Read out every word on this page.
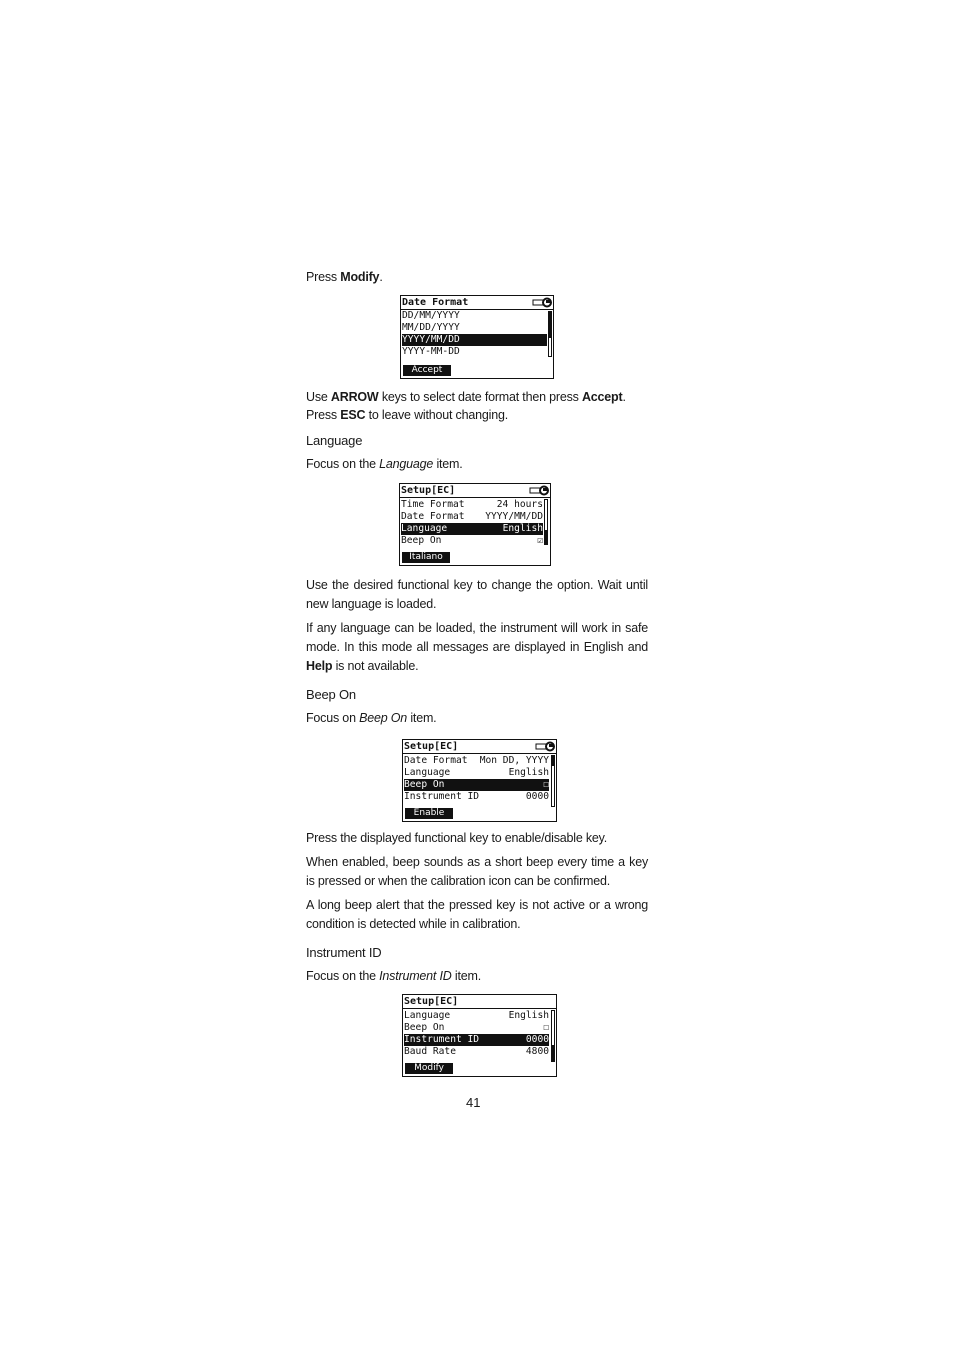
Press Modify.
Date Format
DD/MM/YYYY
MM/DD/YYYY
YYYY/MM/DD
YYYY-MM-DD
Accept
Use ARROW keys to select date format then press Accept.
Press ESC to leave without changing.
Language
Focus on the Language item.
Setup[EC]
Time Format	24 hours
Date Format YYYY/MM/DD
Language	English
Beep On	☑
Italiano
Use the desired functional key to change the option. Wait until new language is loaded.
If any language can be loaded, the instrument will work in safe mode. In this mode all messages are displayed in English and Help is not available.
Beep On
Focus on Beep On item.
Setup[EC]
Date Format Mon DD, YYYY
Language	English
Beep On	☐
Instrument ID	0000
Enable
Press the displayed functional key to enable/disable key.
When enabled, beep sounds as a short beep every time a key is pressed or when the calibration icon can be confirmed.
A long beep alert that the pressed key is not active or a wrong condition is detected while in calibration.
Instrument ID
Focus on the Instrument ID item.
Setup[EC]
Language	English
Beep On	☐
Instrument ID	0000
Baud Rate	4800
Modify
41
